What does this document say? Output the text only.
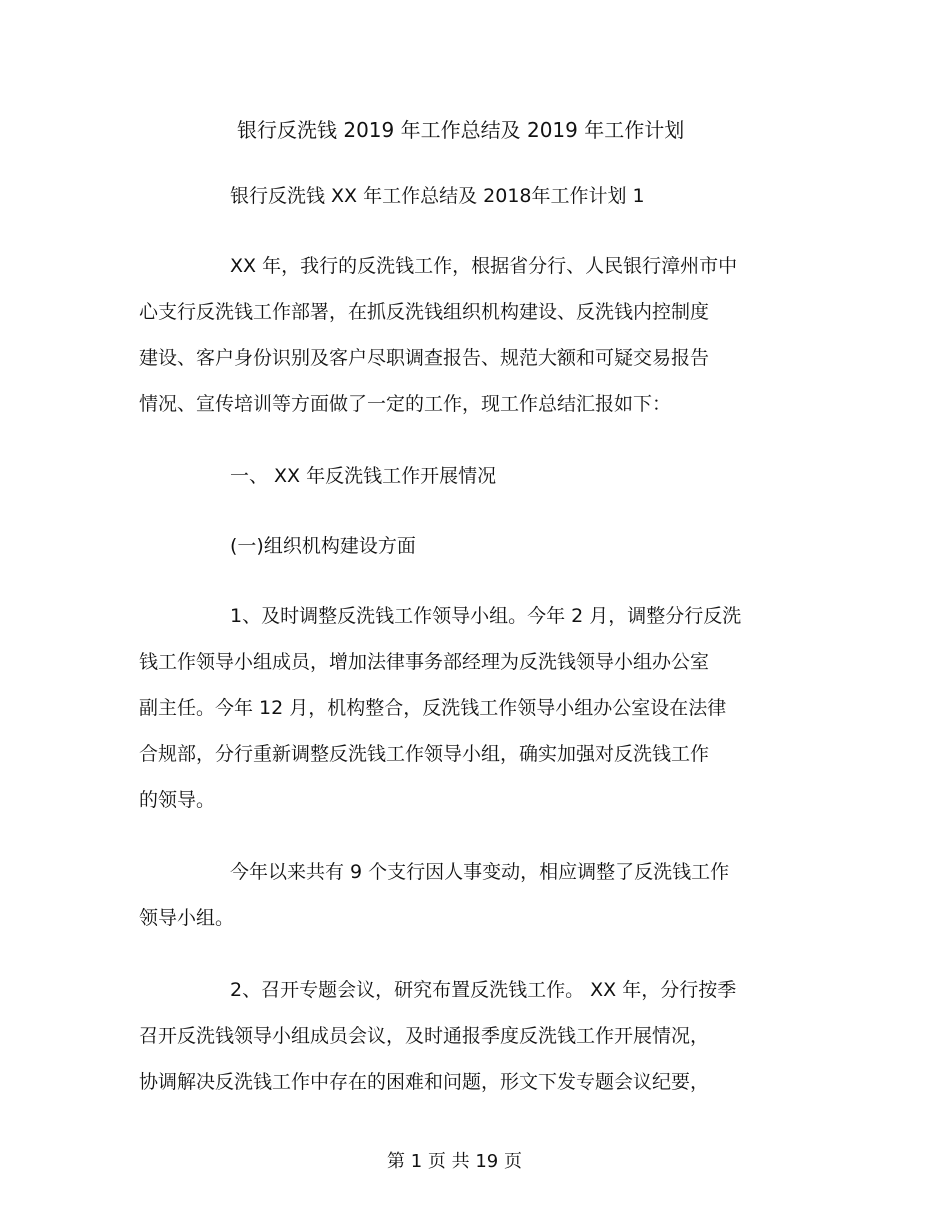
银行反洗钱 2019 年工作总结及 2019 年工作计划
银行反洗钱 XX 年工作总结及 2018年工作计划 1
XX 年，我行的反洗钱工作，根据省分行、人民银行漳州市中
心支行反洗钱工作部署，在抓反洗钱组织机构建设、反洗钱内控制度
建设、客户身份识别及客户尽职调查报告、规范大额和可疑交易报告
情况、宣传培训等方面做了一定的工作，现工作总结汇报如下：
一、 XX 年反洗钱工作开展情况
(一)组织机构建设方面
1、及时调整反洗钱工作领导小组。今年 2 月，调整分行反洗
钱工作领导小组成员，增加法律事务部经理为反洗钱领导小组办公室
副主任。今年 12 月，机构整合，反洗钱工作领导小组办公室设在法律
合规部，分行重新调整反洗钱工作领导小组，确实加强对反洗钱工作
的领导。
今年以来共有 9 个支行因人事变动，相应调整了反洗钱工作
领导小组。
2、召开专题会议，研究布置反洗钱工作。 XX 年，分行按季
召开反洗钱领导小组成员会议，及时通报季度反洗钱工作开展情况，
协调解决反洗钱工作中存在的困难和问题，形文下发专题会议纪要，
第 1 页 共 19 页
